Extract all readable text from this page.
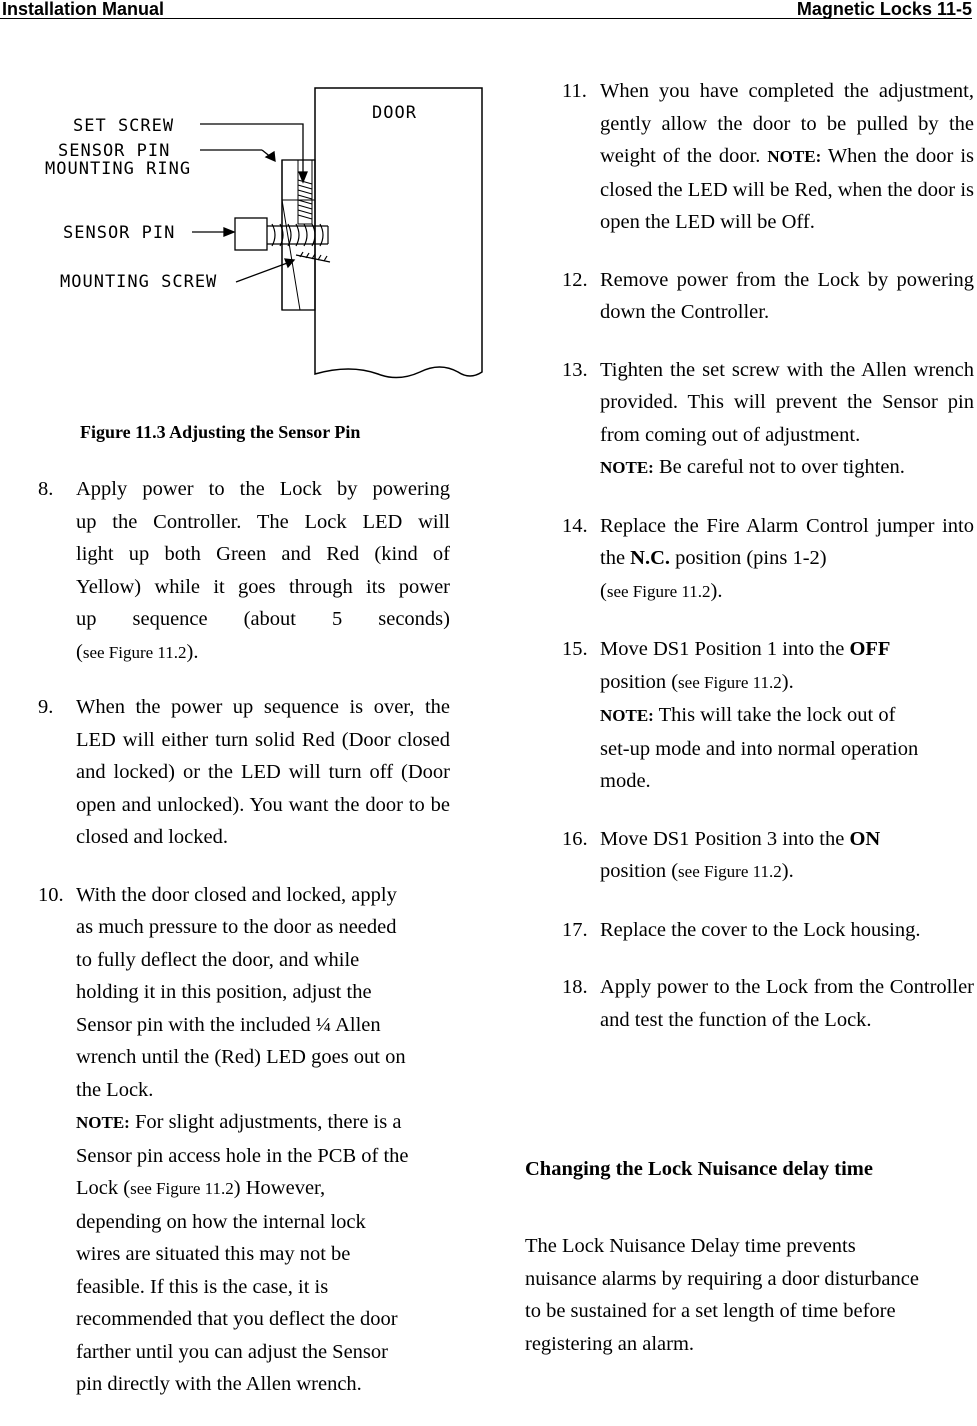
Installation Manual	Magnetic Locks 11-5
DOOR
SET SCREW
SENSOR PIN
MOUNTING RING
SENSOR PIN
MOUNTING SCREW
Figure 11.3 Adjusting the Sensor Pin
8. Apply power to the Lock by powering
up the Controller. The Lock LED will
light up both Green and Red (kind of
Yellow) while it goes through its power
up sequence (about 5 seconds)
(see Figure 11.2).
9. When the power up sequence is over, the LED will either turn solid Red (Door closed and locked) or the LED will turn off (Door open and unlocked). You want the door to be closed and locked.
10. With the door closed and locked, apply
as much pressure to the door as needed
to fully deflect the door, and while
holding it in this position, adjust the
Sensor pin with the included ¼ Allen
wrench until the (Red) LED goes out on
the Lock.
NOTE: For slight adjustments, there is a
Sensor pin access hole in the PCB of the
Lock (see Figure 11.2) However,
depending on how the internal lock
wires are situated this may not be
feasible. If this is the case, it is
recommended that you deflect the door
farther until you can adjust the Sensor
pin directly with the Allen wrench.
11. When you have completed the adjustment, gently allow the door to be pulled by the weight of the door. NOTE: When the door is closed the LED will be Red, when the door is open the LED will be Off.
12. Remove power from the Lock by powering down the Controller.
13. Tighten the set screw with the Allen wrench provided. This will prevent the Sensor pin from coming out of adjustment.
NOTE: Be careful not to over tighten.
14. Replace the Fire Alarm Control jumper into the N.C. position (pins 1-2)
(see Figure 11.2).
15. Move DS1 Position 1 into the OFF
position (see Figure 11.2).
NOTE: This will take the lock out of
set-up mode and into normal operation
mode.
16. Move DS1 Position 3 into the ON
position (see Figure 11.2).
17. Replace the cover to the Lock housing.
18. Apply power to the Lock from the Controller and test the function of the Lock.
Changing the Lock Nuisance delay time

The Lock Nuisance Delay time prevents

nuisance alarms by requiring a door disturbance

to be sustained for a set length of time before

registering an alarm.
